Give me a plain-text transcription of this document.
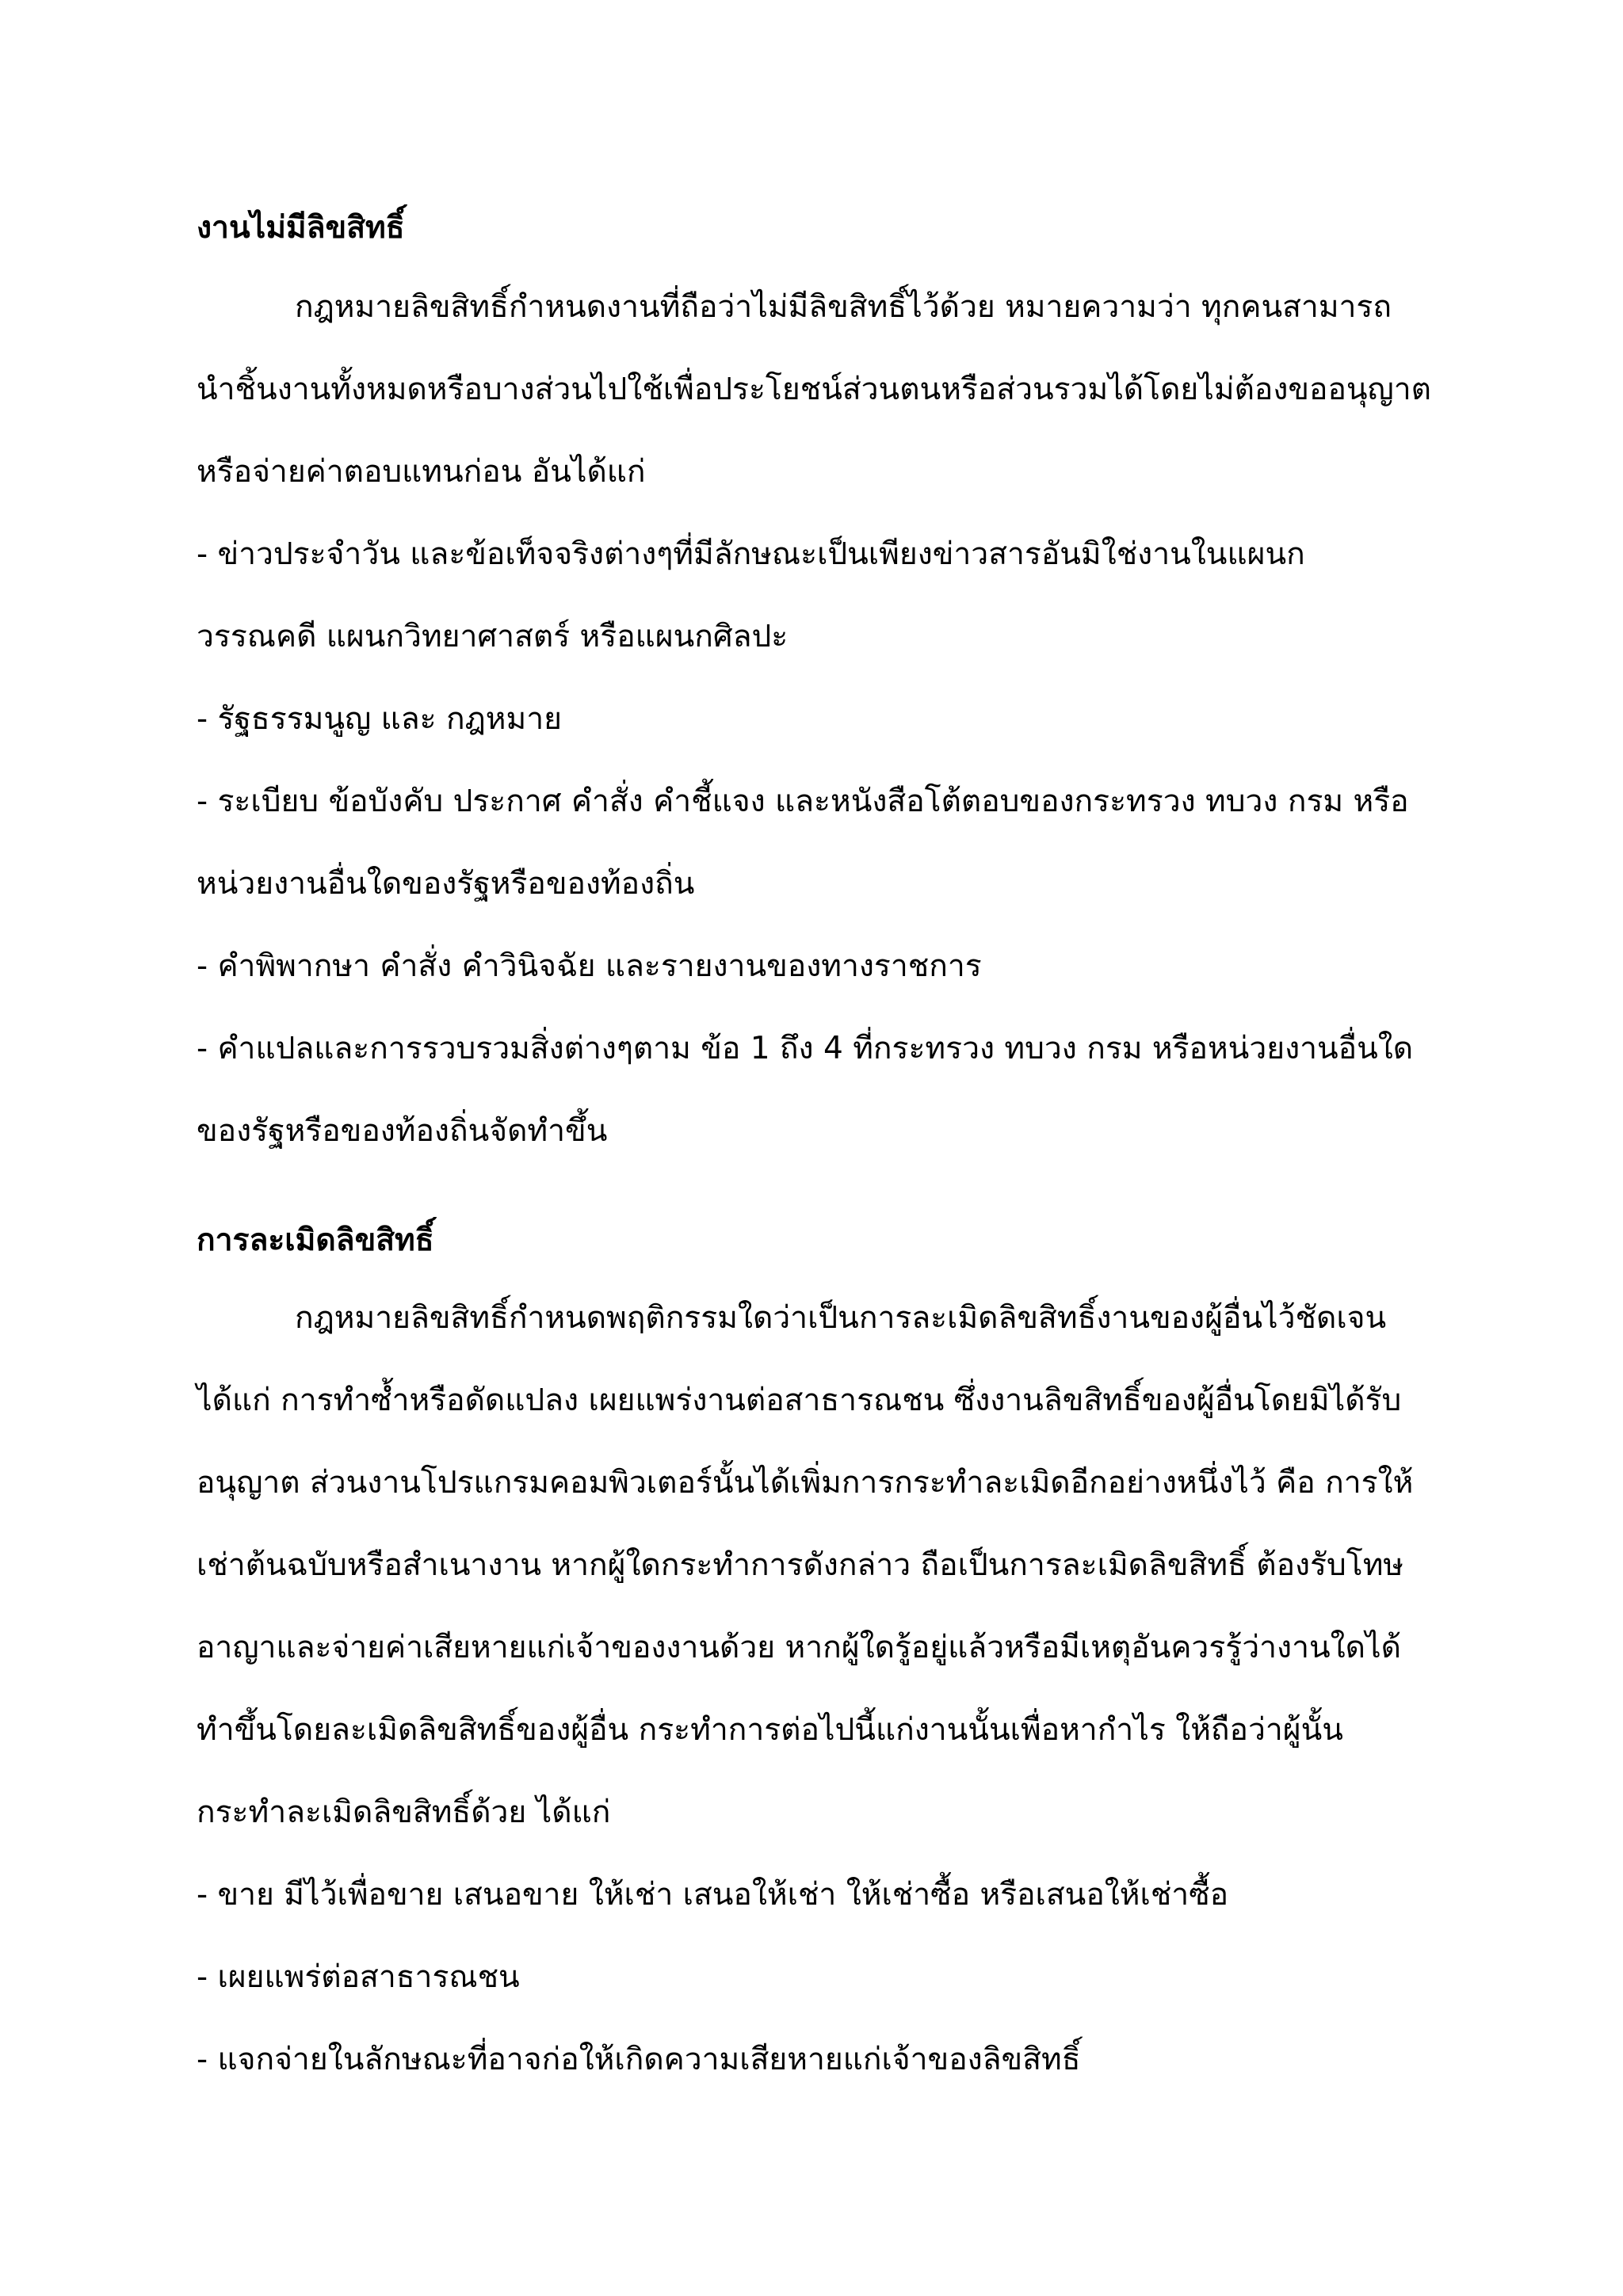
งานไม่มีลิขสิทธิ์
กฎหมายลิขสิทธิ์กำหนดงานที่ถือว่าไม่มีลิขสิทธิ์ไว้ด้วย หมายความว่า ทุกคนสามารถ
นำชิ้นงานทั้งหมดหรือบางส่วนไปใช้เพื่อประโยชน์ส่วนตนหรือส่วนรวมได้โดยไม่ต้องขออนุญาต
หรือจ่ายค่าตอบแทนก่อน อันได้แก่
- ข่าวประจำวัน และข้อเท็จจริงต่างๆที่มีลักษณะเป็นเพียงข่าวสารอันมิใช่งานในแผนก
วรรณคดี แผนกวิทยาศาสตร์ หรือแผนกศิลปะ
- รัฐธรรมนูญ และ กฎหมาย
- ระเบียบ ข้อบังคับ ประกาศ คำสั่ง คำชี้แจง และหนังสือโต้ตอบของกระทรวง ทบวง กรม หรือ
หน่วยงานอื่นใดของรัฐหรือของท้องถิ่น
- คำพิพากษา คำสั่ง คำวินิจฉัย และรายงานของทางราชการ
- คำแปลและการรวบรวมสิ่งต่างๆตาม ข้อ 1 ถึง 4 ที่กระทรวง ทบวง กรม หรือหน่วยงานอื่นใด
ของรัฐหรือของท้องถิ่นจัดทำขึ้น
การละเมิดลิขสิทธิ์
กฎหมายลิขสิทธิ์กำหนดพฤติกรรมใดว่าเป็นการละเมิดลิขสิทธิ์งานของผู้อื่นไว้ชัดเจน
ได้แก่ การทำซ้ำหรือดัดแปลง เผยแพร่งานต่อสาธารณชน ซึ่งงานลิขสิทธิ์ของผู้อื่นโดยมิได้รับ
อนุญาต ส่วนงานโปรแกรมคอมพิวเตอร์นั้นได้เพิ่มการกระทำละเมิดอีกอย่างหนึ่งไว้ คือ การให้
เช่าต้นฉบับหรือสำเนางาน หากผู้ใดกระทำการดังกล่าว ถือเป็นการละเมิดลิขสิทธิ์ ต้องรับโทษ
อาญาและจ่ายค่าเสียหายแก่เจ้าของงานด้วย หากผู้ใดรู้อยู่แล้วหรือมีเหตุอันควรรู้ว่างานใดได้
ทำขึ้นโดยละเมิดลิขสิทธิ์ของผู้อื่น กระทำการต่อไปนี้แก่งานนั้นเพื่อหากำไร ให้ถือว่าผู้นั้น
กระทำละเมิดลิขสิทธิ์ด้วย ได้แก่
- ขาย มีไว้เพื่อขาย เสนอขาย ให้เช่า เสนอให้เช่า ให้เช่าซื้อ หรือเสนอให้เช่าซื้อ
- เผยแพร่ต่อสาธารณชน
- แจกจ่ายในลักษณะที่อาจก่อให้เกิดความเสียหายแก่เจ้าของลิขสิทธิ์
